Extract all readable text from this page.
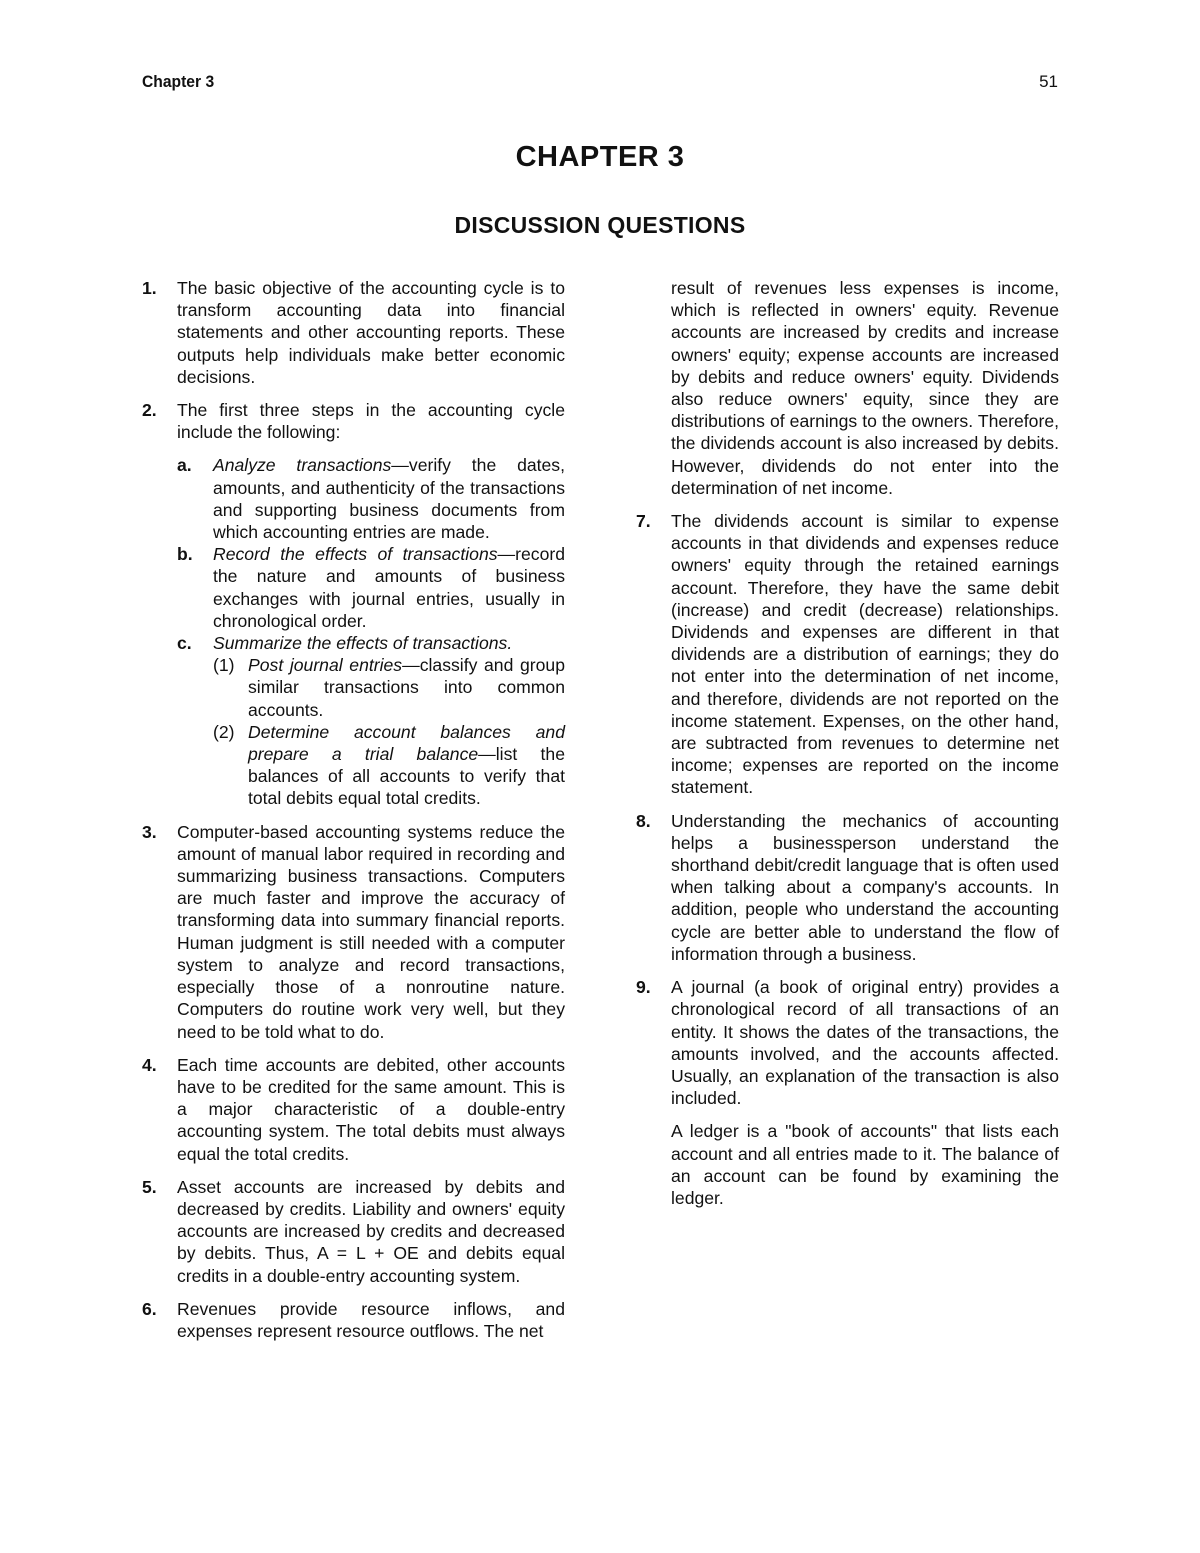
Chapter 3	51
CHAPTER 3
DISCUSSION QUESTIONS
1. The basic objective of the accounting cycle is to transform accounting data into financial statements and other accounting reports. These outputs help individuals make better economic decisions.

2. The first three steps in the accounting cycle include the following:

a. Analyze transactions—verify the dates, amounts, and authenticity of the transactions and supporting business documents from which accounting entries are made.

b. Record the effects of transactions—record the nature and amounts of business exchanges with journal entries, usually in chronological order.

c. Summarize the effects of transactions.

(1) Post journal entries—classify and group similar transactions into common accounts.

(2) Determine account balances and prepare a trial balance—list the balances of all accounts to verify that total debits equal total credits.

3. Computer-based accounting systems reduce the amount of manual labor required in recording and summarizing business transactions. Computers are much faster and improve the accuracy of transforming data into summary financial reports. Human judgment is still needed with a computer system to analyze and record transactions, especially those of a nonroutine nature. Computers do routine work very well, but they need to be told what to do.

4. Each time accounts are debited, other accounts have to be credited for the same amount. This is a major characteristic of a double-entry accounting system. The total debits must always equal the total credits.

5. Asset accounts are increased by debits and decreased by credits. Liability and owners' equity accounts are increased by credits and decreased by debits. Thus, A = L + OE and debits equal credits in a double-entry accounting system.

6. Revenues provide resource inflows, and expenses represent resource outflows. The net

result of revenues less expenses is income, which is reflected in owners' equity. Revenue accounts are increased by credits and increase owners' equity; expense accounts are increased by debits and reduce owners' equity. Dividends also reduce owners' equity, since they are distributions of earnings to the owners. Therefore, the dividends account is also increased by debits. However, dividends do not enter into the determination of net income.

7. The dividends account is similar to expense accounts in that dividends and expenses reduce owners' equity through the retained earnings account. Therefore, they have the same debit (increase) and credit (decrease) relationships. Dividends and expenses are different in that dividends are a distribution of earnings; they do not enter into the determination of net income, and therefore, dividends are not reported on the income statement. Expenses, on the other hand, are subtracted from revenues to determine net income; expenses are reported on the income statement.

8. Understanding the mechanics of accounting helps a businessperson understand the shorthand debit/credit language that is often used when talking about a company's accounts. In addition, people who understand the accounting cycle are better able to understand the flow of information through a business.

9. A journal (a book of original entry) provides a chronological record of all transactions of an entity. It shows the dates of the transactions, the amounts involved, and the accounts affected. Usually, an explanation of the transaction is also included.

A ledger is a "book of accounts" that lists each account and all entries made to it. The balance of an account can be found by examining the ledger.
